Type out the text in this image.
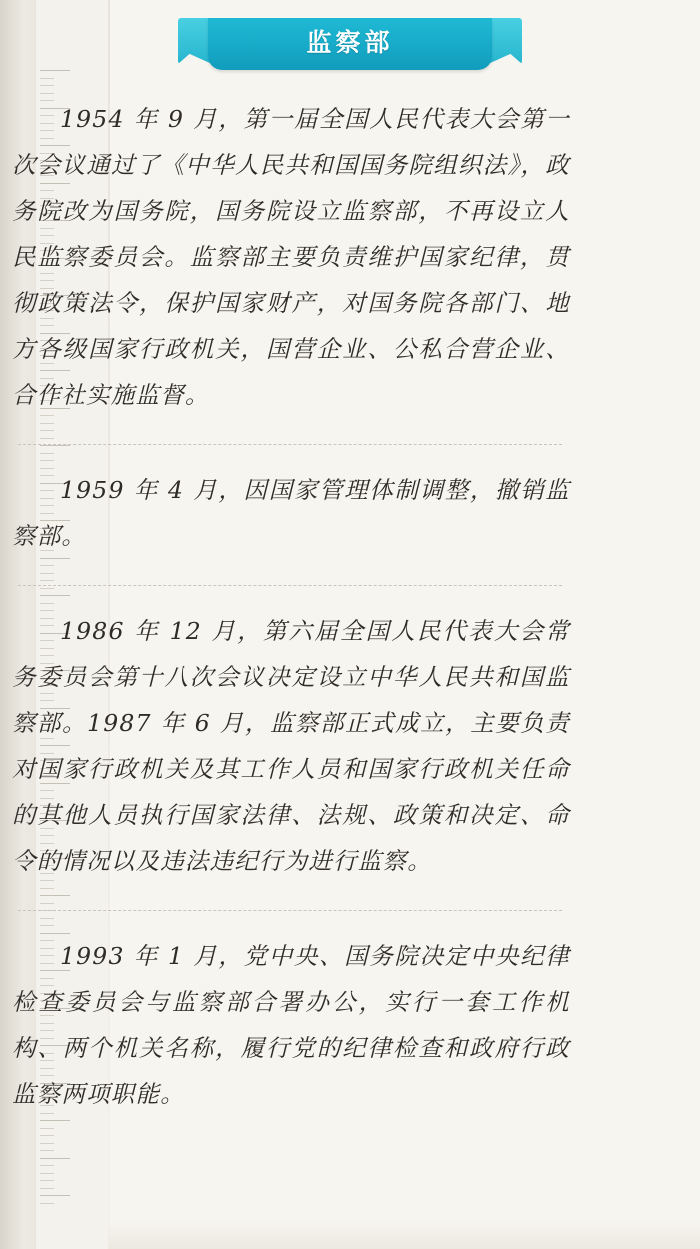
监察部

1954 年 9 月，第一届全国人民代表大会第一次会议通过了《中华人民共和国国务院组织法》，政务院改为国务院，国务院设立监察部，不再设立人民监察委员会。监察部主要负责维护国家纪律，贯彻政策法令，保护国家财产，对国务院各部门、地方各级国家行政机关，国营企业、公私合营企业、合作社实施监督。

1959 年 4 月，因国家管理体制调整，撤销监察部。

1986 年 12 月，第六届全国人民代表大会常务委员会第十八次会议决定设立中华人民共和国监察部。1987 年 6 月，监察部正式成立，主要负责对国家行政机关及其工作人员和国家行政机关任命的其他人员执行国家法律、法规、政策和决定、命令的情况以及违法违纪行为进行监察。

1993 年 1 月，党中央、国务院决定中央纪律检查委员会与监察部合署办公，实行一套工作机构、两个机关名称，履行党的纪律检查和政府行政监察两项职能。
